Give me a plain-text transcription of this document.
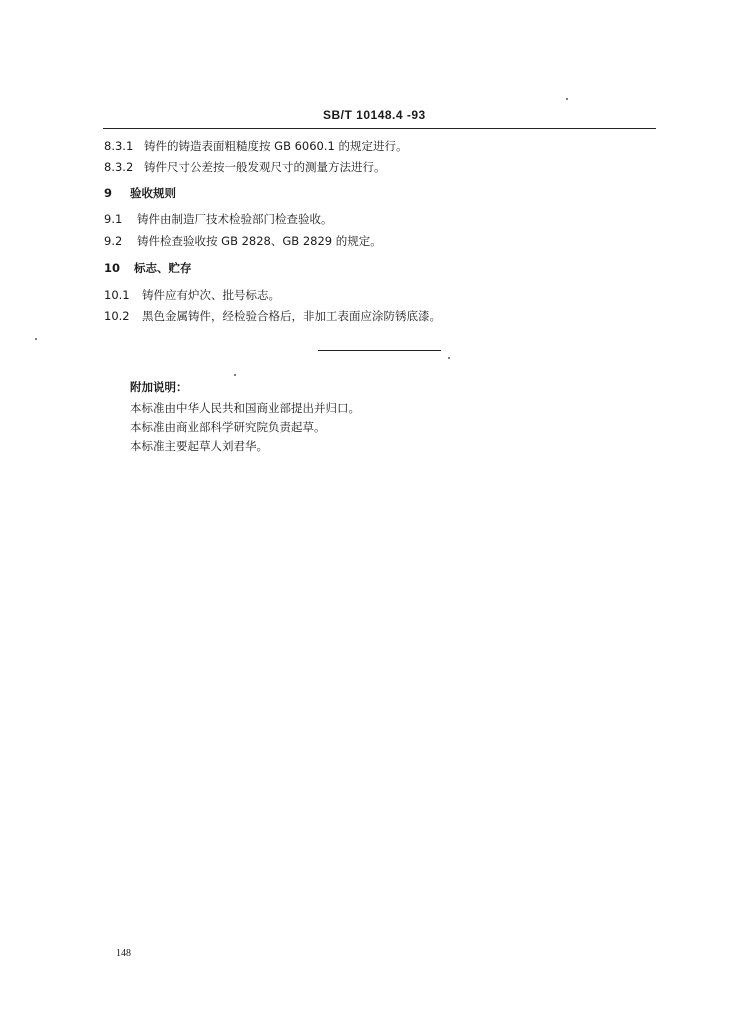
SB/T 10148.4 -93
8.3.1 铸件的铸造表面粗糙度按 GB 6060.1 的规定进行。
8.3.2 铸件尺寸公差按一般发观尺寸的测量方法进行。
9 验收规则
9.1 铸件由制造厂技术检验部门检查验收。
9.2 铸件检查验收按 GB 2828、GB 2829 的规定。
10 标志、贮存
10.1 铸件应有炉次、批号标志。
10.2 黑色金属铸件，经检验合格后，非加工表面应涂防锈底漆。
附加说明：
本标准由中华人民共和国商业部提出并归口。
本标准由商业部科学研究院负责起草。
本标准主要起草人刘君华。
148
